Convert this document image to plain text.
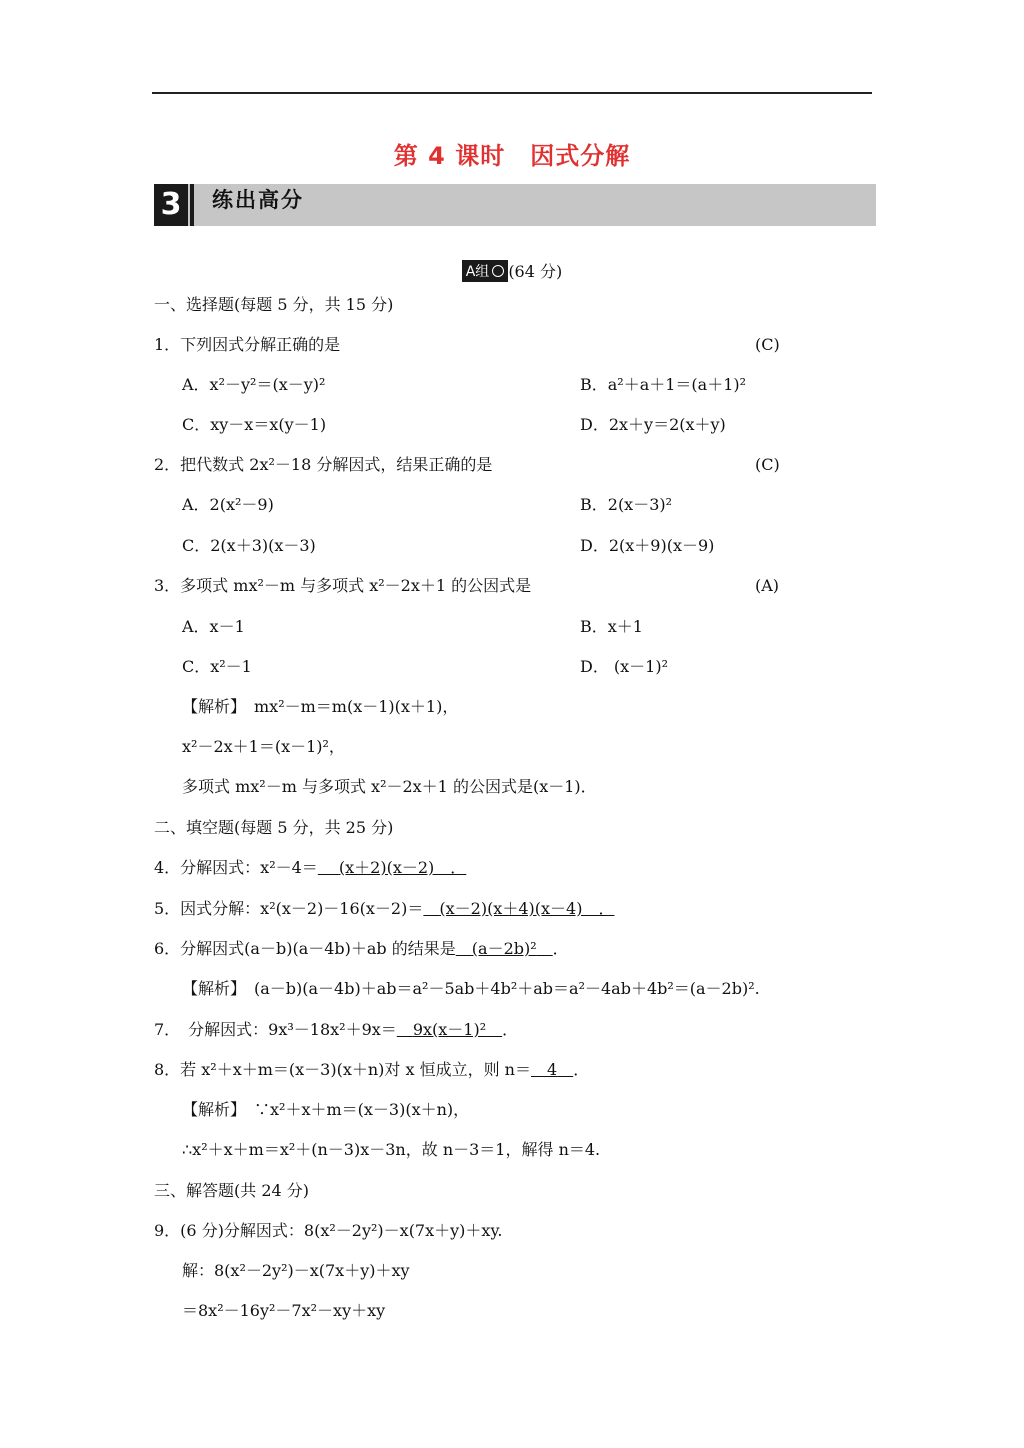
第 4 课时　因式分解
3	练出高分
A组 (64 分)
一、选择题(每题 5 分，共 15 分)
1．下列因式分解正确的是	(C)
A．x²－y²＝(x－y)²	B．a²＋a＋1＝(a＋1)²
C．xy－x＝x(y－1)	D．2x＋y＝2(x＋y)
2．把代数式 2x²－18 分解因式，结果正确的是	(C)
A．2(x²－9)	B．2(x－3)²
C．2(x＋3)(x－3)	D．2(x＋9)(x－9)
3．多项式 mx²－m 与多项式 x²－2x＋1 的公因式是	(A)
A．x－1	B．x＋1
C．x²－1	D． (x－1)²
【解析】　mx²－m＝m(x－1)(x＋1)，
x²－2x＋1＝(x－1)²，
多项式 mx²－m 与多项式 x²－2x＋1 的公因式是(x－1)．
二、填空题(每题 5 分，共 25 分)
4．分解因式：x²－4＝　 (x＋2)(x－2)　．
5．因式分解：x²(x－2)－16(x－2)＝　 (x－2)(x＋4)(x－4)　．
6．分解因式(a－b)(a－4b)＋ab 的结果是　 (a－2b)²　 ．
【解析】　(a－b)(a－4b)＋ab＝a²－5ab＋4b²＋ab＝a²－4ab＋4b²＝(a－2b)².
7．　分解因式：9x³－18x²＋9x＝　 9x(x－1)²　 ．
8．若 x²＋x＋m＝(x－3)(x＋n)对 x 恒成立，则 n＝　 4　 ．
【解析】　∵x²＋x＋m＝(x－3)(x＋n)，
∴x²＋x＋m＝x²＋(n－3)x－3n，故 n－3＝1，解得 n＝4.
三、解答题(共 24 分)
9．(6 分)分解因式：8(x²－2y²)－x(7x＋y)＋xy.
解：8(x²－2y²)－x(7x＋y)＋xy
＝8x²－16y²－7x²－xy＋xy
